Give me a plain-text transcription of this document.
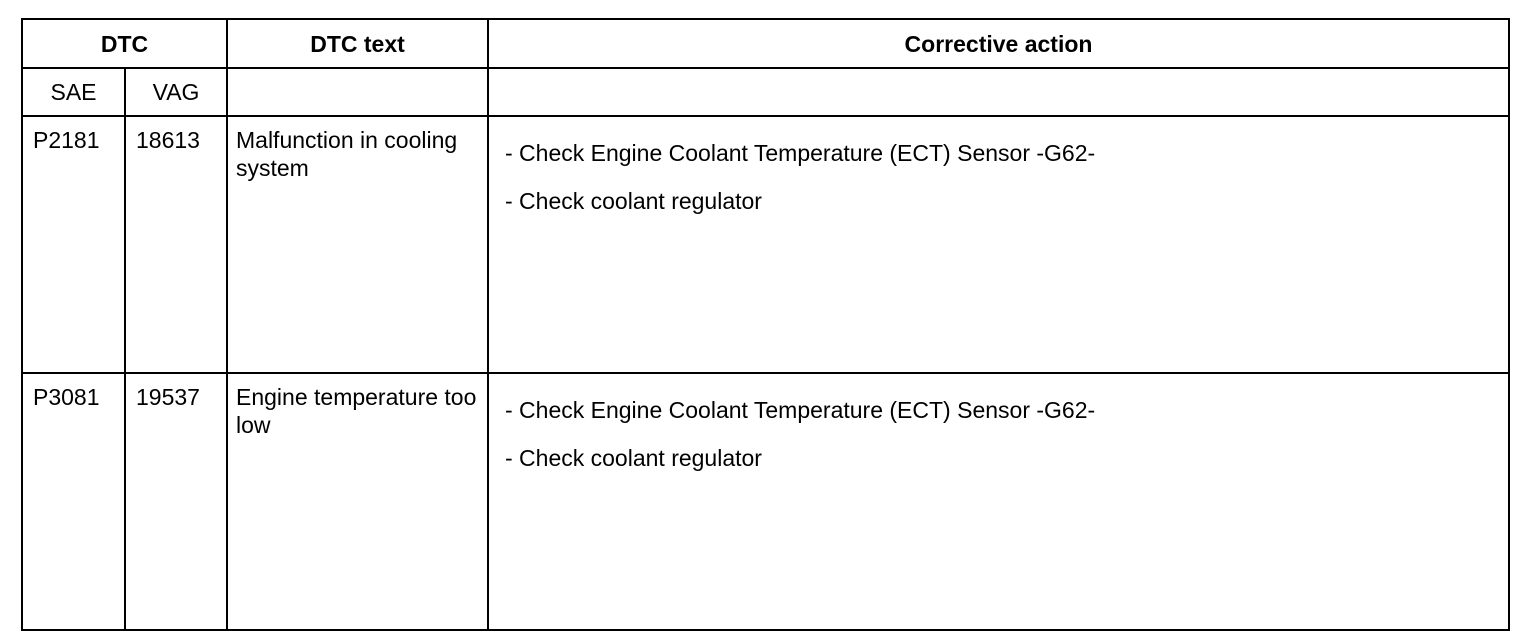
DTC		DTC text	Corrective action
SAE	VAG		
P2181	18613	Malfunction in cooling system	- Check Engine Coolant Temperature (ECT) Sensor -G62-
- Check coolant regulator

P3081	19537	Engine temperature too low	- Check Engine Coolant Temperature (ECT) Sensor -G62-
- Check coolant regulator
